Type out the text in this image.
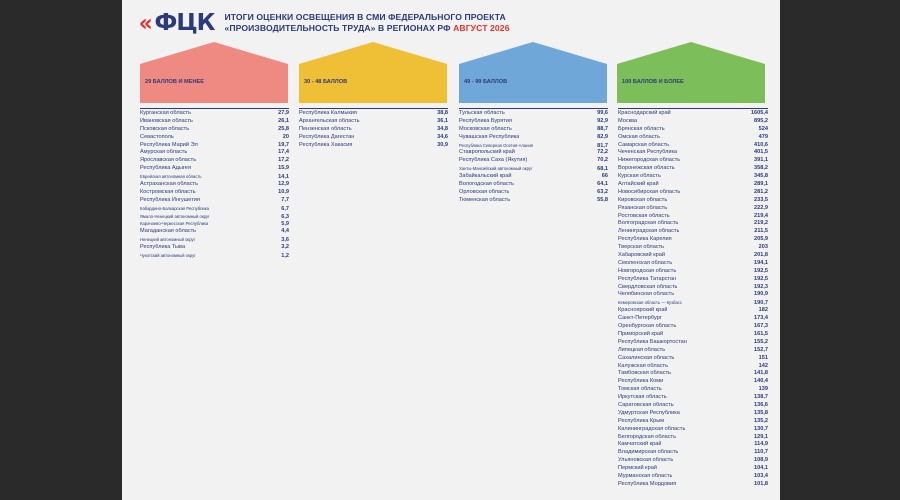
« ФЦК ИТОГИ ОЦЕНКИ ОСВЕЩЕНИЯ В СМИ ФЕДЕРАЛЬНОГО ПРОЕКТА
«ПРОИЗВОДИТЕЛЬНОСТЬ ТРУДА» В РЕГИОНАХ РФ АВГУСТ 2026
29 БАЛЛОВ И МЕНЕЕ	30 - 48 БАЛЛОВ	49 - 99 БАЛЛОВ	100 БАЛЛОВ И БОЛЕЕ
Курганская область	27,9
Ивановская область	26,1
Псковская область	25,8
Севастополь	20
Республика Марий Эл	19,7
Амурская область	17,4
Ярославская область	17,2
Республика Адыгея	15,9
Еврейская автономная область	14,1
Астраханская область	12,9
Костромская область	10,9
Республика Ингушетия	7,7
Кабардино-Балкарская Республика	6,7
Ямало-Ненецкий автономный округ	6,3
Карачаево-Черкесская Республика	5,9
Магаданская область	4,4
Ненецкий автономный округ	3,6
Республика Тыва	3,2
Чукотский автономный округ	1,2
Республика Калмыкия	38,8
Архангельская область	36,1
Пензенская область	34,8
Республика Дагестан	34,6
Республика Хакасия	30,9
Тульская область	99,6
Республика Бурятия	92,9
Московская область	88,7
Чувашская Республика	82,9
Республика Северная Осетия-Алания	81,7
Ставропольский край	72,2
Республика Саха (Якутия)	70,2
Ханты-Мансийский автономный округ	68,1
Забайкальский край	66
Вологодская область	64,1
Орловская область	63,2
Тюменская область	55,8
Краснодарский край	1605,4
Москва	895,2
Брянская область	524
Омская область	479
Самарская область	410,6
Чеченская Республика	401,5
Нижегородская область	391,1
Воронежская область	358,2
Курская область	345,8
Алтайский край	289,1
Новосибирская область	281,2
Кировская область	233,5
Рязанская область	222,9
Ростовская область	219,4
Волгоградская область	219,2
Ленинградская область	211,5
Республика Карелия	205,9
Тверская область	203
Хабаровский край	201,8
Смоленская область	194,1
Новгородская область	192,5
Республика Татарстан	192,5
Свердловская область	192,3
Челябинская область	190,9
Кемеровская область — Кузбасс	190,7
Красноярский край	182
Санкт-Петербург	173,4
Оренбургская область	167,3
Приморский край	161,5
Республика Башкортостан	155,2
Липецкая область	152,7
Сахалинская область	151
Калужская область	142
Тамбовская область	141,8
Республика Коми	140,4
Томская область	139
Иркутская область	138,7
Саратовская область	136,6
Удмуртская Республика	135,8
Республика Крым	135,2
Калининградская область	130,7
Белгородская область	129,1
Камчатский край	114,9
Владимирская область	110,7
Ульяновская область	108,9
Пермский край	104,1
Мурманская область	103,4
Республика Мордовия	101,8
